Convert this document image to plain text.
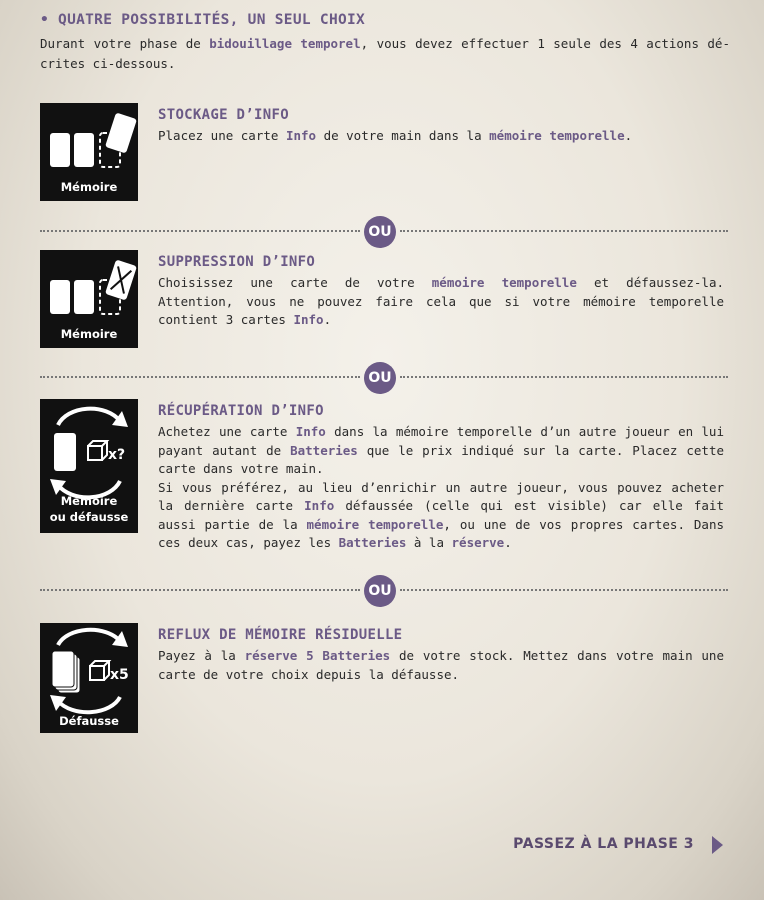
• QUATRE POSSIBILITÉS, UN SEUL CHOIX
Durant votre phase de bidouillage temporel, vous devez effectuer 1 seule des 4 actions dé-crites ci-dessous.
Mémoire
STOCKAGE D’INFO

Placez une carte Info de votre main dans la mémoire temporelle.

OU
Mémoire
SUPPRESSION D’INFO

Choisissez une carte de votre mémoire temporelle et défaussez-la. Attention, vous ne pouvez faire cela que si votre mémoire temporelle contient 3 cartes Info.

OU
x?
Mémoire
ou défausse
RÉCUPÉRATION D’INFO

Achetez une carte Info dans la mémoire temporelle d’un autre joueur en lui payant autant de Batteries que le prix indiqué sur la carte. Placez cette carte dans votre main.

Si vous préférez, au lieu d’enrichir un autre joueur, vous pouvez acheter la dernière carte Info défaussée (celle qui est visible) car elle fait aussi partie de la mémoire temporelle, ou une de vos propres cartes. Dans ces deux cas, payez les Batteries à la réserve.

OU
x5
Défausse
REFLUX DE MÉMOIRE RÉSIDUELLE

Payez à la réserve 5 Batteries de votre stock. Mettez dans votre main une carte de votre choix depuis la défausse.

PASSEZ À LA PHASE 3
